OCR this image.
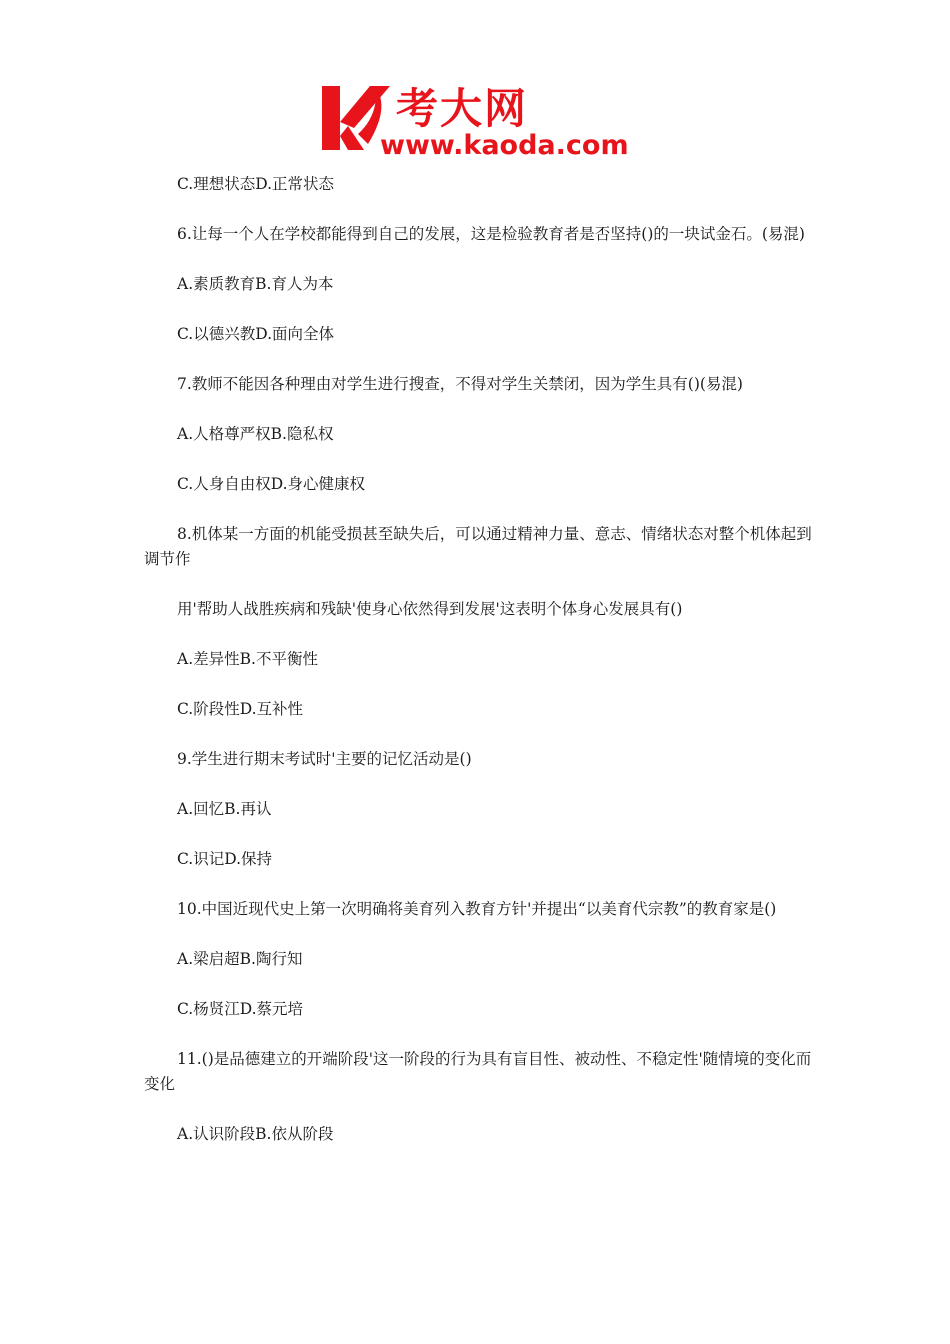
考大网
www.kaoda.com

C.理想状态D.正常状态

6.让每一个人在学校都能得到自己的发展，这是检验教育者是否坚持()的一块试金石。(易混)

A.素质教育B.育人为本

C.以德兴教D.面向全体

7.教师不能因各种理由对学生进行搜查，不得对学生关禁闭，因为学生具有()(易混)

A.人格尊严权B.隐私权

C.人身自由权D.身心健康权

8.机体某一方面的机能受损甚至缺失后，可以通过精神力量、意志、情绪状态对整个机体起到调节作

用'帮助人战胜疾病和残缺'使身心依然得到发展'这表明个体身心发展具有()

A.差异性B.不平衡性

C.阶段性D.互补性

9.学生进行期末考试时'主要的记忆活动是()

A.回忆B.再认

C.识记D.保持

10.中国近现代史上第一次明确将美育列入教育方针'并提出“以美育代宗教”的教育家是()

A.梁启超B.陶行知

C.杨贤江D.蔡元培

11.()是品德建立的开端阶段'这一阶段的行为具有盲目性、被动性、不稳定性'随情境的变化而变化

A.认识阶段B.依从阶段
